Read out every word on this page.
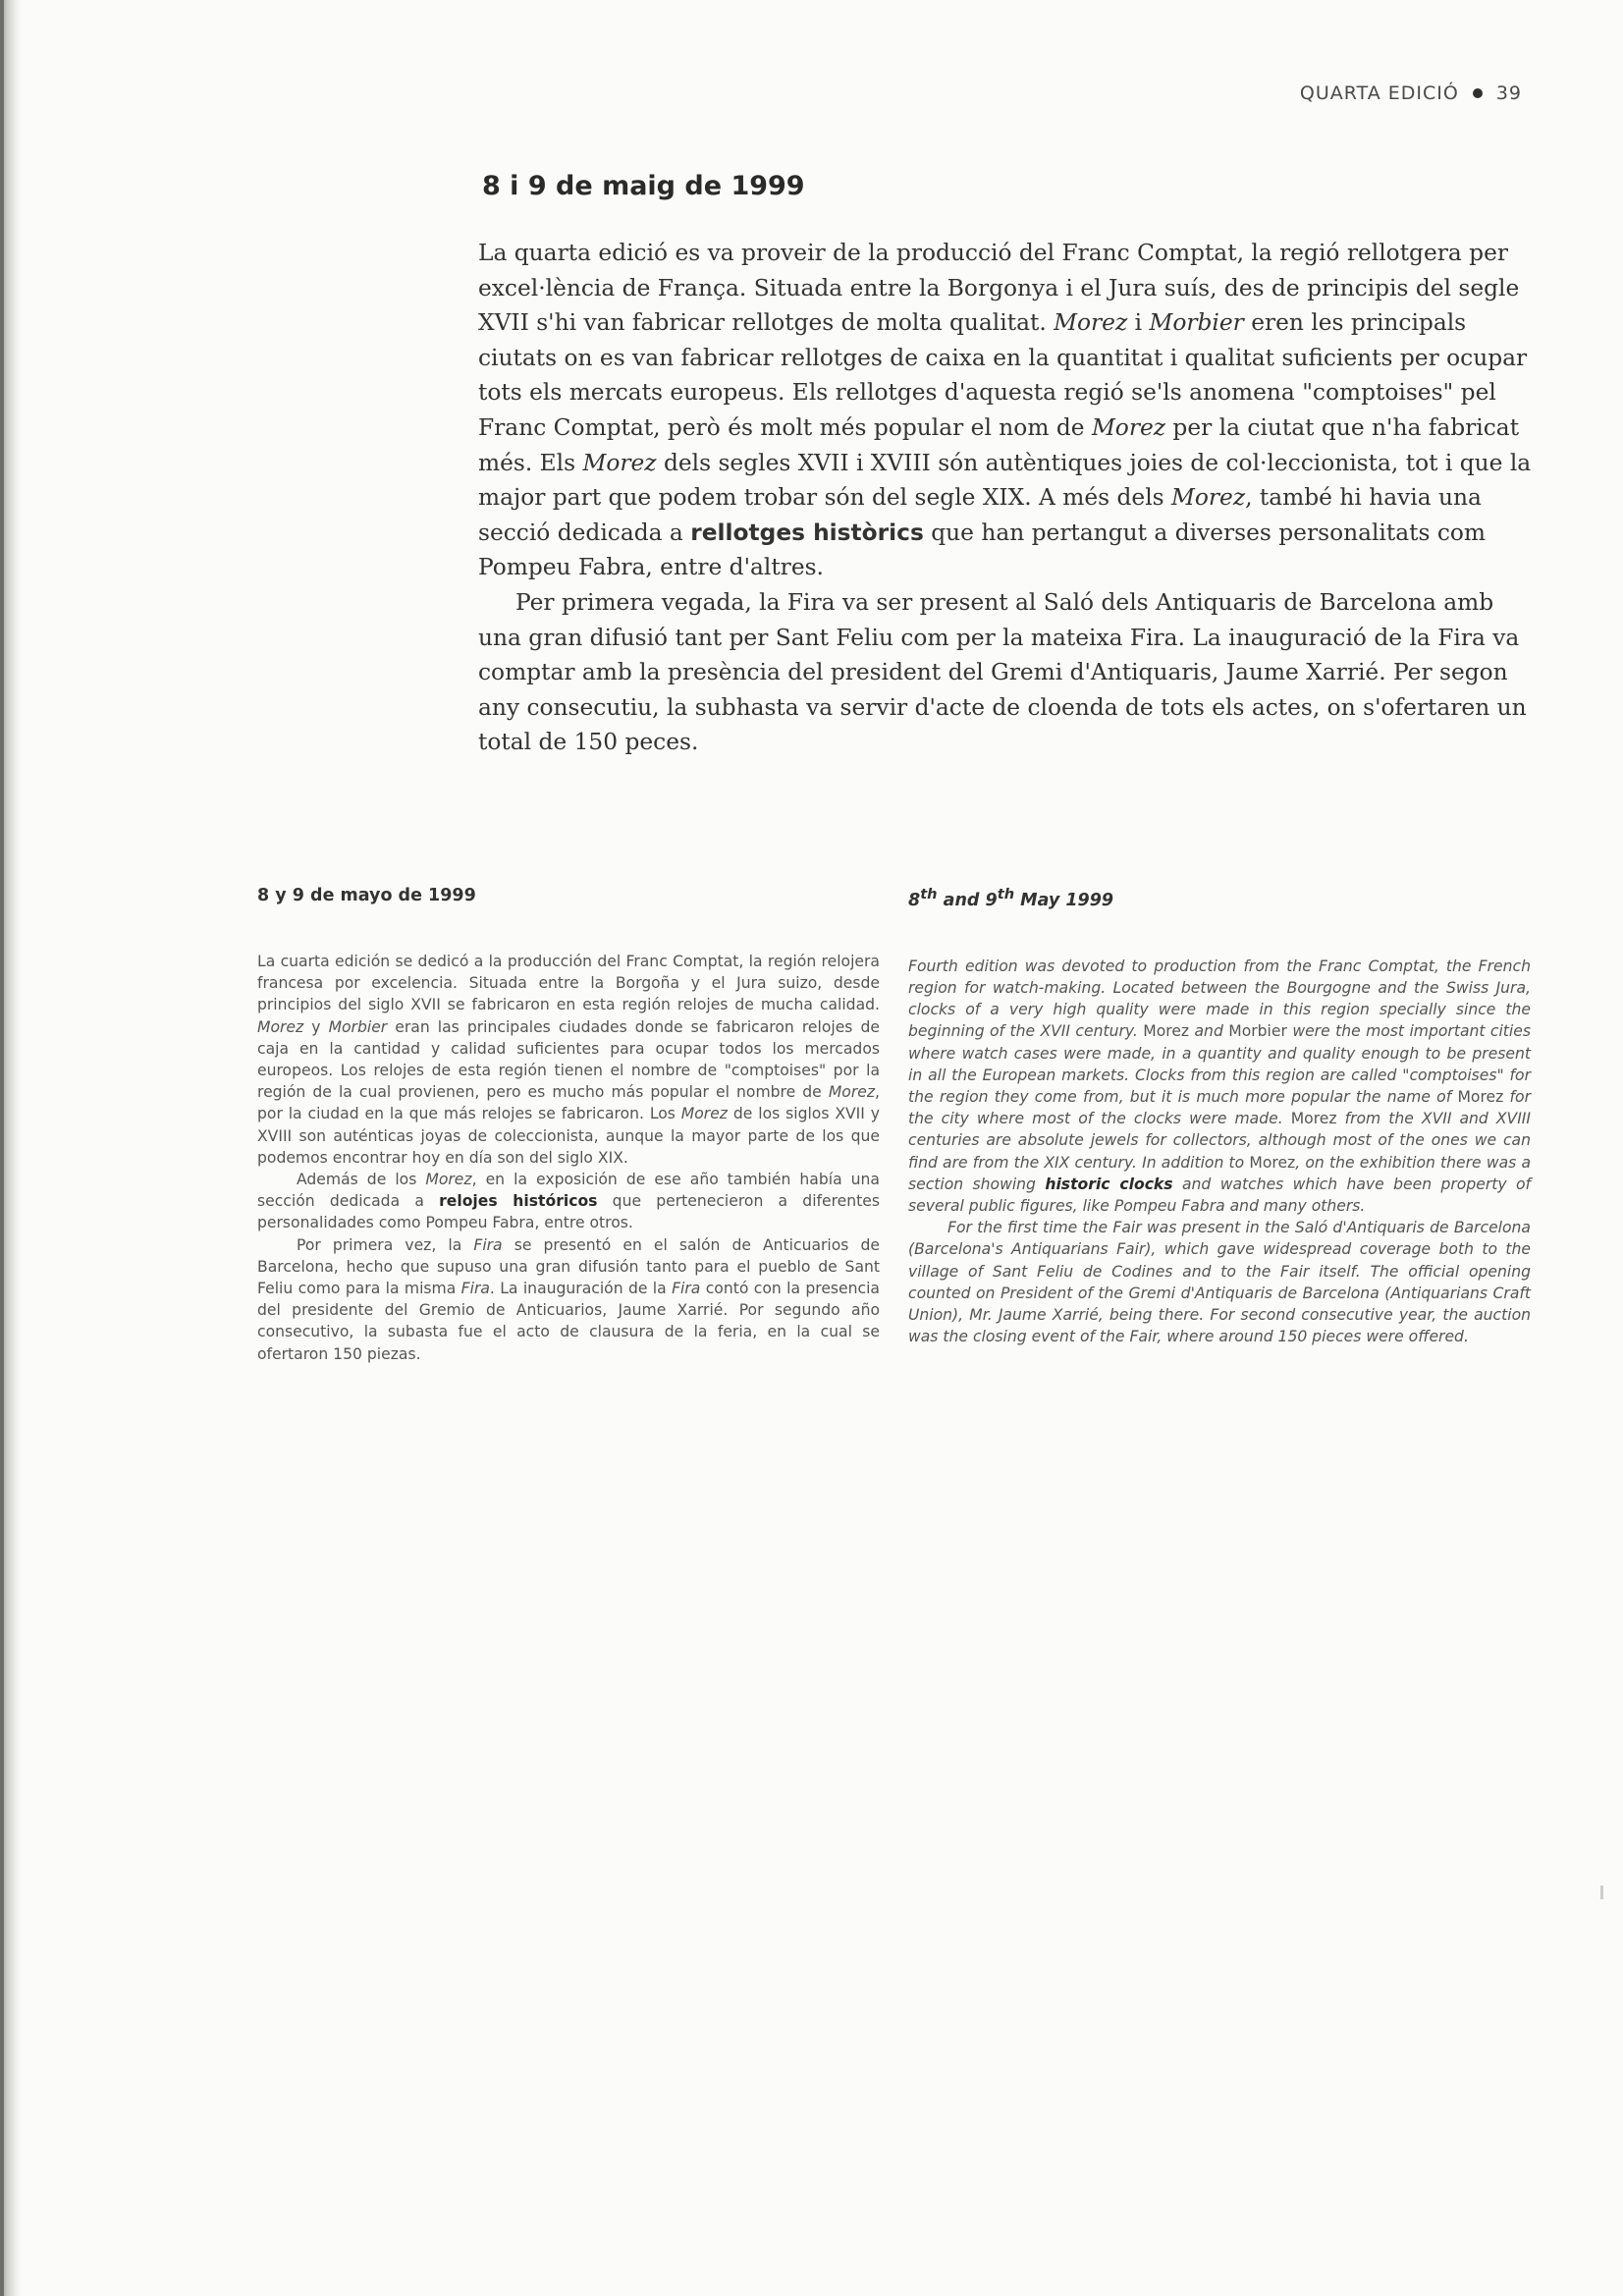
QUARTA EDICIÓ 39
8 i 9 de maig de 1999

La quarta edició es va proveir de la producció del Franc Comptat, la regió rellotgera per excel·lència de França. Situada entre la Borgonya i el Jura suís, des de principis del segle XVII s'hi van fabricar rellotges de molta qualitat. Morez i Morbier eren les principals ciutats on es van fabricar rellotges de caixa en la quantitat i qualitat suficients per ocupar tots els mercats europeus. Els rellotges d'aquesta regió se'ls anomena "comptoises" pel Franc Comptat, però és molt més popular el nom de Morez per la ciutat que n'ha fabricat més. Els Morez dels segles XVII i XVIII són autèntiques joies de col·leccionista, tot i que la major part que podem trobar són del segle XIX. A més dels Morez, també hi havia una secció dedicada a rellotges històrics que han pertangut a diverses personalitats com Pompeu Fabra, entre d'altres.

Per primera vegada, la Fira va ser present al Saló dels Antiquaris de Barcelona amb una gran difusió tant per Sant Feliu com per la mateixa Fira. La inauguració de la Fira va comptar amb la presència del president del Gremi d'Antiquaris, Jaume Xarrié. Per segon any consecutiu, la subhasta va servir d'acte de cloenda de tots els actes, on s'ofertaren un total de 150 peces.

8 y 9 de mayo de 1999

La cuarta edición se dedicó a la producción del Franc Comptat, la región relojera francesa por excelencia. Situada entre la Borgoña y el Jura suizo, desde principios del siglo XVII se fabricaron en esta región relojes de mucha calidad. Morez y Morbier eran las principales ciudades donde se fabricaron relojes de caja en la cantidad y calidad suficientes para ocupar todos los mercados europeos. Los relojes de esta región tienen el nombre de "comptoises" por la región de la cual provienen, pero es mucho más popular el nombre de Morez, por la ciudad en la que más relojes se fabricaron. Los Morez de los siglos XVII y XVIII son auténticas joyas de coleccionista, aunque la mayor parte de los que podemos encontrar hoy en día son del siglo XIX.

Además de los Morez, en la exposición de ese año también había una sección dedicada a relojes históricos que pertenecieron a diferentes personalidades como Pompeu Fabra, entre otros.

Por primera vez, la Fira se presentó en el salón de Anticuarios de Barcelona, hecho que supuso una gran difusión tanto para el pueblo de Sant Feliu como para la misma Fira. La inauguración de la Fira contó con la presencia del presidente del Gremio de Anticuarios, Jaume Xarrié. Por segundo año consecutivo, la subasta fue el acto de clausura de la feria, en la cual se ofertaron 150 piezas.

8th and 9th May 1999

Fourth edition was devoted to production from the Franc Comptat, the French region for watch-making. Located between the Bourgogne and the Swiss Jura, clocks of a very high quality were made in this region specially since the beginning of the XVII century. Morez and Morbier were the most important cities where watch cases were made, in a quantity and quality enough to be present in all the European markets. Clocks from this region are called "comptoises" for the region they come from, but it is much more popular the name of Morez for the city where most of the clocks were made. Morez from the XVII and XVIII centuries are absolute jewels for collectors, although most of the ones we can find are from the XIX century. In addition to Morez, on the exhibition there was a section showing historic clocks and watches which have been property of several public figures, like Pompeu Fabra and many others.

For the first time the Fair was present in the Saló d'Antiquaris de Barcelona (Barcelona's Antiquarians Fair), which gave widespread coverage both to the village of Sant Feliu de Codines and to the Fair itself. The official opening counted on President of the Gremi d'Antiquaris de Barcelona (Antiquarians Craft Union), Mr. Jaume Xarrié, being there. For second consecutive year, the auction was the closing event of the Fair, where around 150 pieces were offered.
